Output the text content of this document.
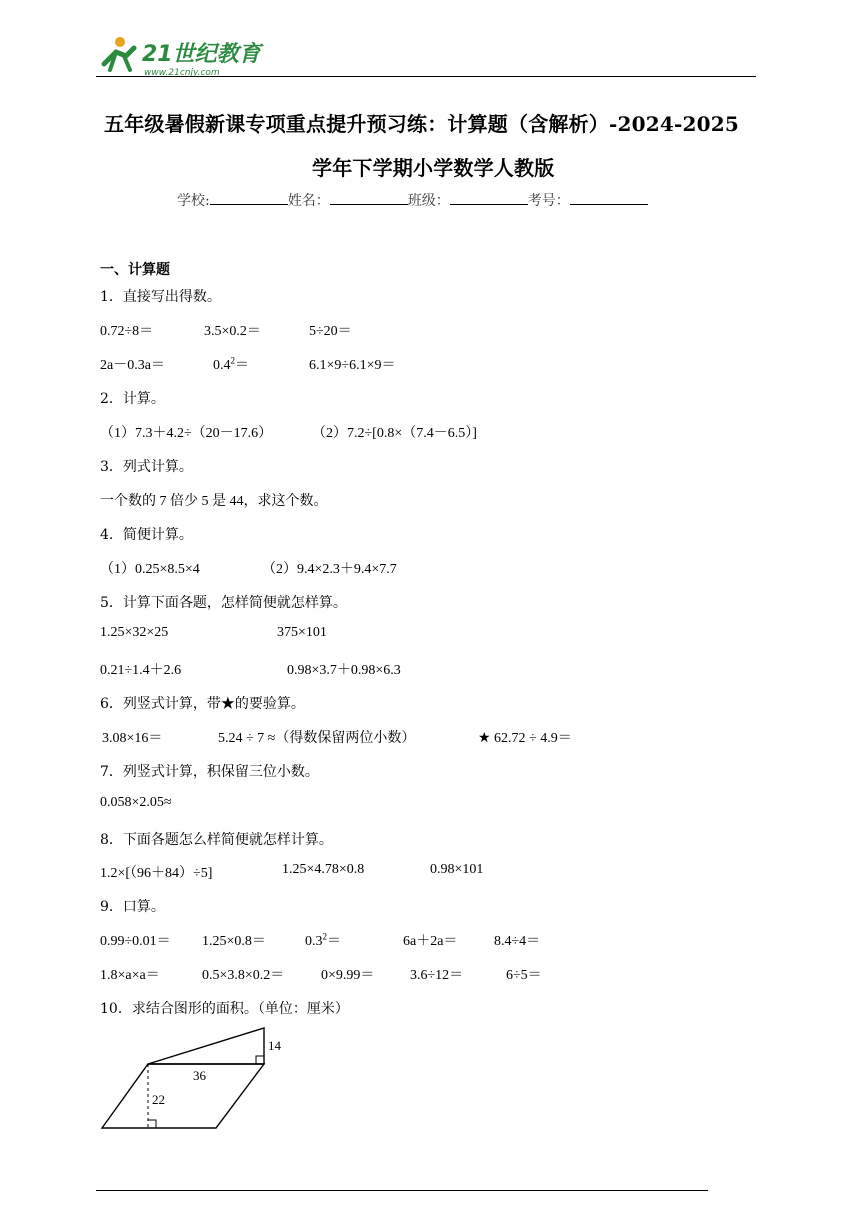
21世纪教育
www.21cnjy.com
五年级暑假新课专项重点提升预习练：计算题（含解析）-2024-2025
学年下学期小学数学人教版
学校:	姓名：	班级：	考号：
一、计算题
1．直接写出得数。
0.72÷8＝	3.5×0.2＝	5÷20＝
2a－0.3a＝	$0.4^2=$	6.1×9÷6.1×9＝
2．计算。
（1）7.3＋4.2÷（20－17.6）	（2）7.2÷[0.8×（7.4－6.5）]
3．列式计算。
一个数的 7 倍少 5 是 44，求这个数。
4．简便计算。
（1）0.25×8.5×4	（2）9.4×2.3＋9.4×7.7
5．计算下面各题，怎样简便就怎样算。
1.25×32×25	375×101
0.21÷1.4＋2.6	0.98×3.7＋0.98×6.3
6．列竖式计算，带★的要验算。
3.08×16＝	5.24 ÷ 7 ≈（得数保留两位小数）	★ 62.72 ÷ 4.9＝
7．列竖式计算，积保留三位小数。
0.058×2.05≈
8．下面各题怎么样简便就怎样计算。
1.2×[（96＋84）÷5]	1.25×4.78×0.8	0.98×101
9．口算。
0.99÷0.01＝ 1.25×0.8＝	$0.3^2=$	6a＋2a＝	8.4÷4＝
1.8×a×a＝	0.5×3.8×0.2＝	0×9.99＝	3.6÷12＝	6÷5＝
10．求结合图形的面积。（单位：厘米）
36
22
14
